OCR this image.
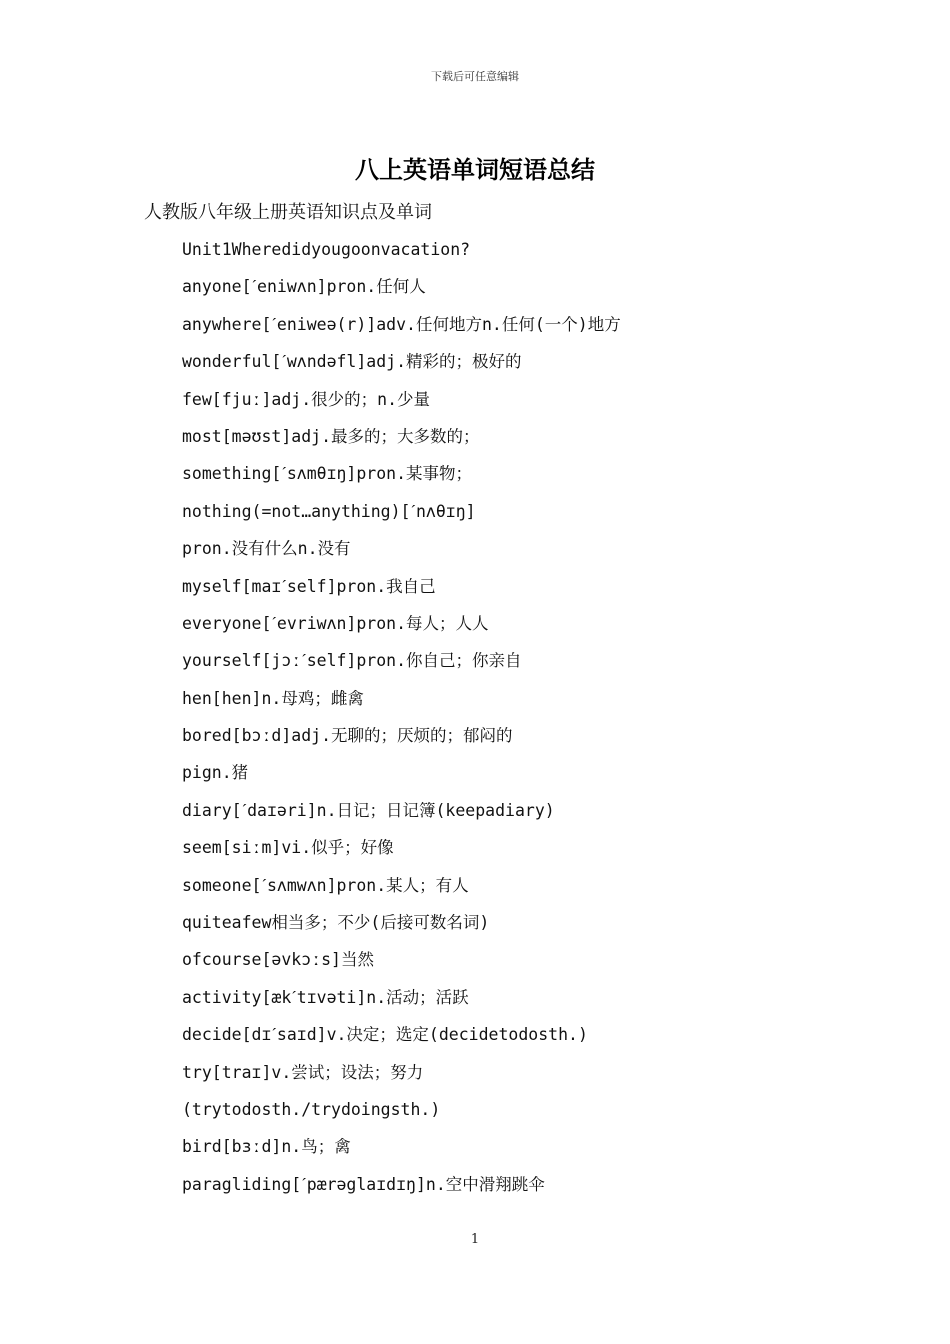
下载后可任意编辑
八上英语单词短语总结
人教版八年级上册英语知识点及单词
Unit1Wheredidyougoonvacation?
anyone[ˊeniwʌn]pron.任何人
anywhere[ˊeniweə(r)]adv.任何地方n.任何(一个)地方
wonderful[ˊwʌndəfl]adj.精彩的；极好的
few[fjuː]adj.很少的；n.少量
most[məʊst]adj.最多的；大多数的；
something[ˊsʌmθɪŋ]pron.某事物；
nothing(=not…anything)[ˊnʌθɪŋ]
pron.没有什么n.没有
myself[maɪˊself]pron.我自己
everyone[ˊevriwʌn]pron.每人；人人
yourself[jɔːˊself]pron.你自己；你亲自
hen[hen]n.母鸡；雌禽
bored[bɔːd]adj.无聊的；厌烦的；郁闷的
pign.猪
diary[ˊdaɪəri]n.日记；日记簿(keepadiary)
seem[siːm]vi.似乎；好像
someone[ˊsʌmwʌn]pron.某人；有人
quiteafew相当多；不少(后接可数名词)
ofcourse[əvkɔːs]当然
activity[ækˊtɪvəti]n.活动；活跃
decide[dɪˊsaɪd]v.决定；选定(decidetodosth.)
try[traɪ]v.尝试；设法；努力
(trytodosth./trydoingsth.)
bird[bɜːd]n.鸟；禽
paragliding[ˊpærəglaɪdɪŋ]n.空中滑翔跳伞
1
